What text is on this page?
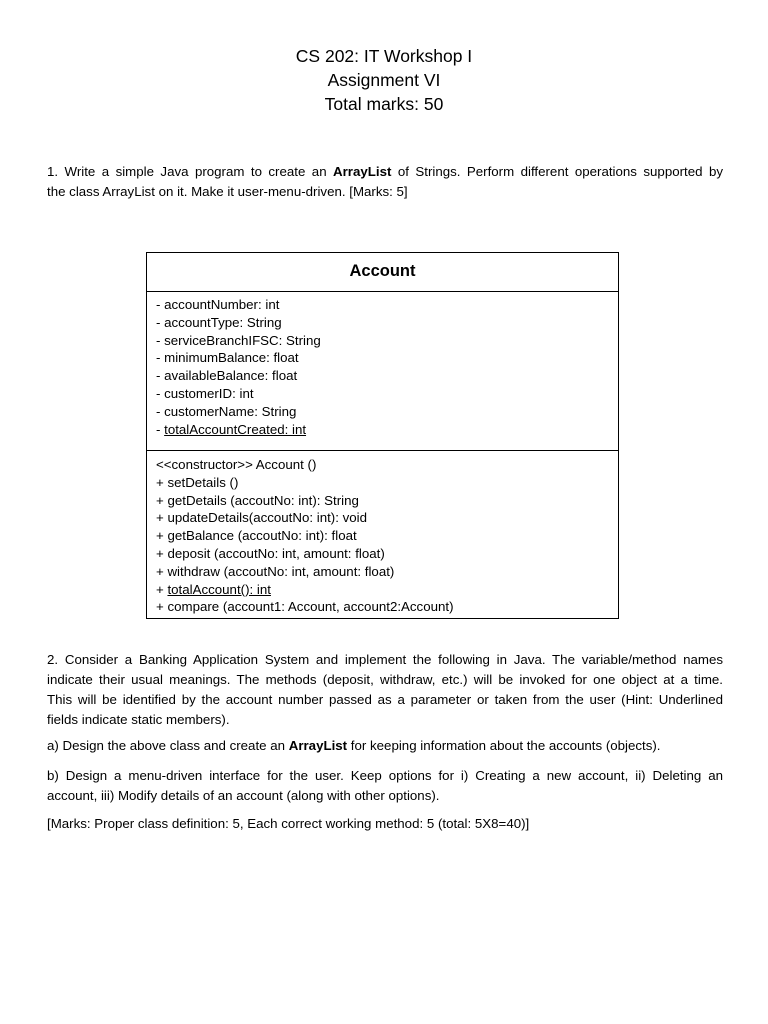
CS 202: IT Workshop I
Assignment VI
Total marks: 50
1. Write a simple Java program to create an ArrayList of Strings. Perform different operations supported by
the class ArrayList on it. Make it user-menu-driven. [Marks: 5]
Account
- accountNumber: int
- accountType: String
- serviceBranchIFSC: String
- minimumBalance: float
- availableBalance: float
- customerID: int
- customerName: String
- totalAccountCreated: int
<<constructor>> Account ()
+ setDetails ()
+ getDetails (accoutNo: int): String
+ updateDetails(accoutNo: int): void
+ getBalance (accoutNo: int): float
+ deposit (accoutNo: int, amount: float)
+ withdraw (accoutNo: int, amount: float)
+ totalAccount(): int
+ compare (account1: Account, account2:Account)
2. Consider a Banking Application System and implement the following in Java. The variable/method names
indicate their usual meanings. The methods (deposit, withdraw, etc.) will be invoked for one object at a time.
This will be identified by the account number passed as a parameter or taken from the user (Hint: Underlined
fields indicate static members).
a) Design the above class and create an ArrayList for keeping information about the accounts (objects).
b) Design a menu-driven interface for the user. Keep options for i) Creating a new account, ii) Deleting an
account, iii) Modify details of an account (along with other options).
[Marks: Proper class definition: 5, Each correct working method: 5 (total: 5X8=40)]
